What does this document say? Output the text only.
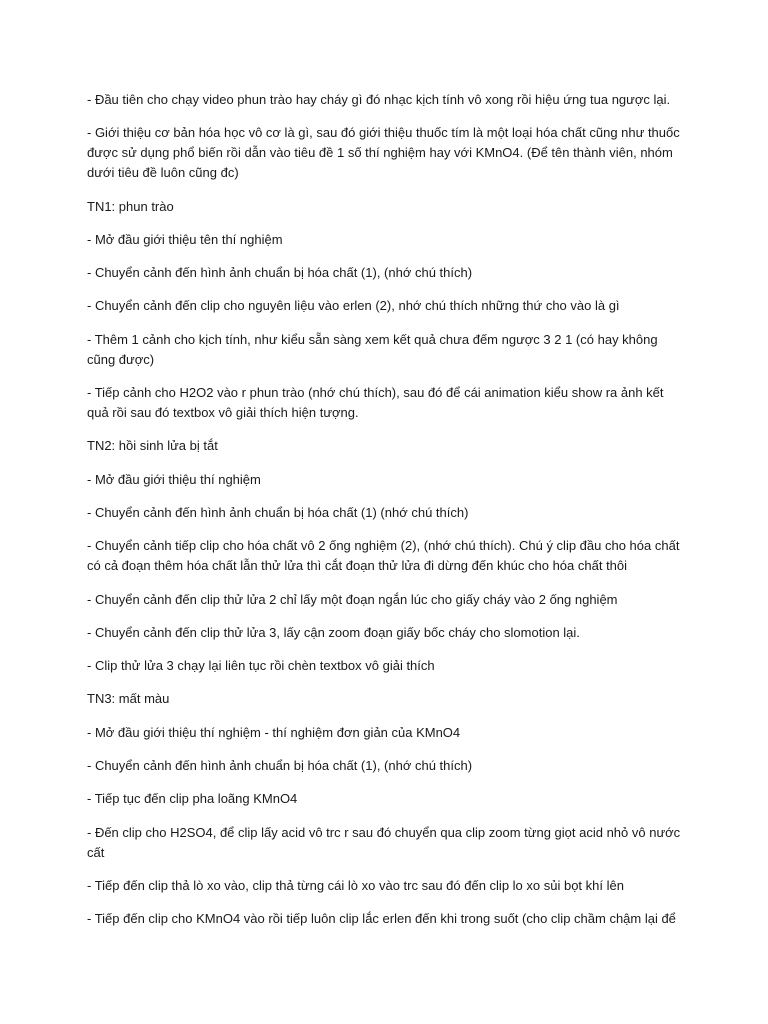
- Đầu tiên cho chạy video phun trào hay cháy gì đó nhạc kịch tính vô xong rồi hiệu ứng tua ngược lại.

- Giới thiệu cơ bản hóa học vô cơ là gì, sau đó giới thiệu thuốc tím là một loại hóa chất cũng như thuốc được sử dụng phổ biến rồi dẫn vào tiêu đề 1 số thí nghiệm hay với KMnO4. (Để tên thành viên, nhóm dưới tiêu đề luôn cũng đc)

TN1: phun trào

- Mở đầu giới thiệu tên thí nghiệm

- Chuyển cảnh đến hình ảnh chuẩn bị hóa chất (1), (nhớ chú thích)

- Chuyển cảnh đến clip cho nguyên liệu vào erlen (2), nhớ chú thích những thứ cho vào là gì

- Thêm 1 cảnh cho kịch tính, như kiểu sẵn sàng xem kết quả chưa đếm ngược 3 2 1 (có hay không cũng được)

- Tiếp cảnh cho H2O2 vào r phun trào (nhớ chú thích), sau đó để cái animation kiểu show ra ảnh kết quả rồi sau đó textbox vô giải thích hiện tượng.

TN2: hồi sinh lửa bị tắt

- Mở đầu giới thiệu thí nghiệm

- Chuyển cảnh đến hình ảnh chuẩn bị hóa chất (1) (nhớ chú thích)

- Chuyển cảnh tiếp clip cho hóa chất vô 2 ống nghiệm (2), (nhớ chú thích). Chú ý clip đầu cho hóa chất có cả đoạn thêm hóa chất lẫn thử lửa thì cắt đoạn thử lửa đi dừng đến khúc cho hóa chất thôi

- Chuyển cảnh đến clip thử lửa 2 chỉ lấy một đoạn ngắn lúc cho giấy cháy vào 2 ống nghiệm

- Chuyển cảnh đến clip thử lửa 3, lấy cận zoom đoạn giấy bốc cháy cho slomotion lại.

- Clip thử lửa 3 chạy lại liên tục rồi chèn textbox vô giải thích

TN3: mất màu

- Mở đầu giới thiệu thí nghiệm - thí nghiệm đơn giản của KMnO4

- Chuyển cảnh đến hình ảnh chuẩn bị hóa chất (1), (nhớ chú thích)

- Tiếp tục đến clip pha loãng KMnO4

- Đến clip cho H2SO4, để clip lấy acid vô trc r sau đó chuyển qua clip zoom từng giọt acid nhỏ vô nước cất

- Tiếp đến clip thả lò xo vào, clip thả từng cái lò xo vào trc sau đó đến clip lo xo sủi bọt khí lên

- Tiếp đến clip cho KMnO4 vào rồi tiếp luôn clip lắc erlen đến khi trong suốt (cho clip chầm chậm lại để
